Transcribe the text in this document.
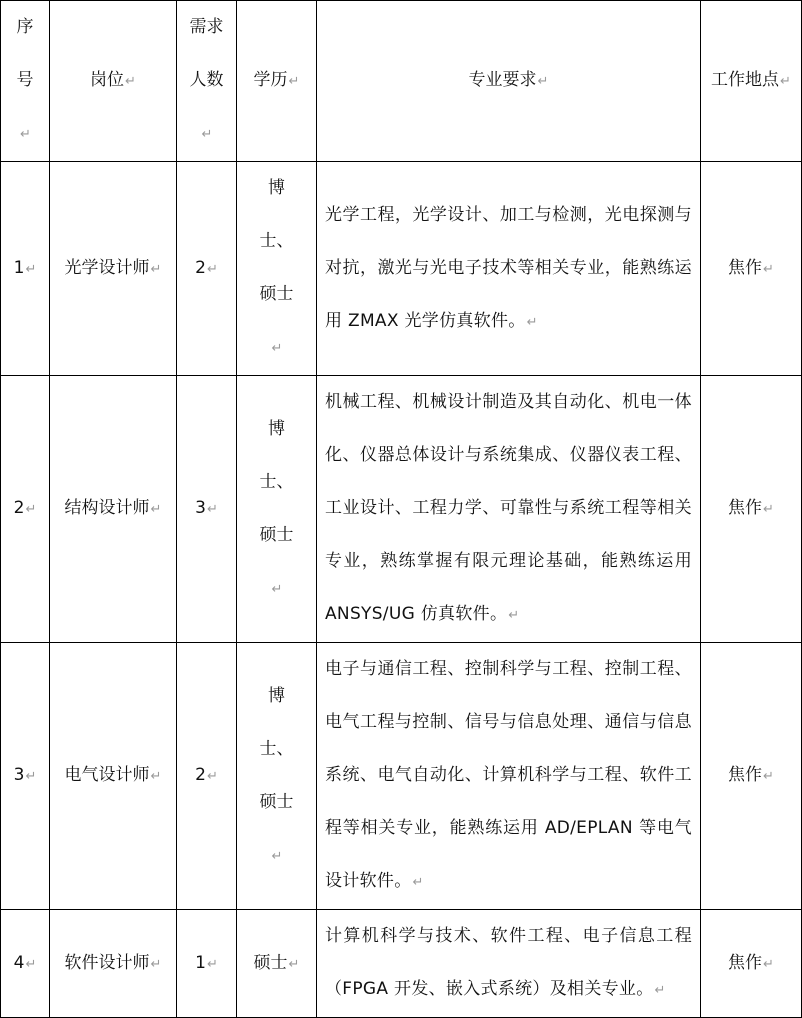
序号↵	岗位↵	需求人数↵	学历↵	专业要求↵	工作地点↵
1↵	光学设计师↵	2↵	博士、硕士↵	光学工程，光学设计、加工与检测，光电探测与对抗，激光与光电子技术等相关专业，能熟练运用 ZMAX 光学仿真软件。↵	焦作↵
2↵	结构设计师↵	3↵	博士、硕士↵	机械工程、机械设计制造及其自动化、机电一体化、仪器总体设计与系统集成、仪器仪表工程、工业设计、工程力学、可靠性与系统工程等相关专业，熟练掌握有限元理论基础，能熟练运用 ANSYS/UG 仿真软件。↵	焦作↵
3↵	电气设计师↵	2↵	博士、硕士↵	电子与通信工程、控制科学与工程、控制工程、电气工程与控制、信号与信息处理、通信与信息系统、电气自动化、计算机科学与工程、软件工程等相关专业，能熟练运用 AD/EPLAN 等电气设计软件。↵	焦作↵
4↵	软件设计师↵	1↵	硕士↵	计算机科学与技术、软件工程、电子信息工程（FPGA 开发、嵌入式系统）及相关专业。↵	焦作↵
